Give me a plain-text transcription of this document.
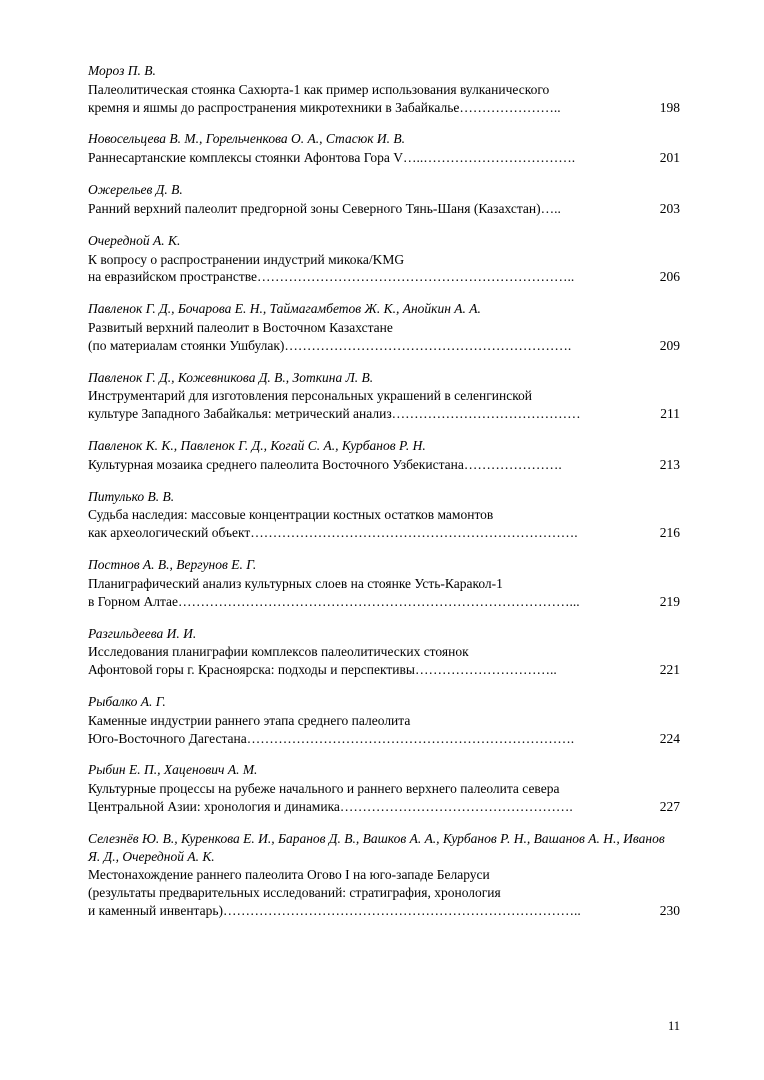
Мороз П. В.
Палеолитическая стоянка Сахюрта-1 как пример использования вулканического
кремня и яшмы до распространения микротехники в Забайкалье…………………..	198
Новосельцева В. М., Горельченкова О. А., Стасюк И. В.
Раннесартанские комплексы стоянки Афонтова Гора V…..…………………………….	201
Ожерельев Д. В.
Ранний верхний палеолит предгорной зоны Северного Тянь-Шаня (Казахстан)…..	203
Очередной А. К.
К вопросу о распространении индустрий микока/KMG
на евразийском пространстве……………………………………………………………..	206
Павленок Г. Д., Бочарова Е. Н., Таймагамбетов Ж. К., Анойкин А. А.
Развитый верхний палеолит в Восточном Казахстане
(по материалам стоянки Ушбулак)……………………………………………………….	209
Павленок Г. Д., Кожевникова Д. В., Зоткина Л. В.
Инструментарий для изготовления персональных украшений в селенгинской
культуре Западного Забайкалья: метрический анализ……………………………………	211
Павленок К. К., Павленок Г. Д., Когай С. А., Курбанов Р. Н.
Культурная мозаика среднего палеолита Восточного Узбекистана………………….	213
Питулько В. В.
Судьба наследия: массовые концентрации костных остатков мамонтов
как археологический объект……………………………………………………………….	216
Постнов А. В., Вергунов Е. Г.
Планиграфический анализ культурных слоев на стоянке Усть-Каракол-1
в Горном Алтае……………………………………………………………………………...	219
Разгильдеева И. И.
Исследования планиграфии комплексов палеолитических стоянок
Афонтовой горы г. Красноярска: подходы и перспективы…………………………..	221
Рыбалко А. Г.
Каменные индустрии раннего этапа среднего палеолита
Юго-Восточного Дагестана……………………………………………………………….	224
Рыбин Е. П., Хаценович А. М.
Культурные процессы на рубеже начального и раннего верхнего палеолита севера
Центральной Азии: хронология и динамика…………………………………………….	227
Селезнёв Ю. В., Куренкова Е. И., Баранов Д. В., Вашков А. А., Курбанов Р. Н., Вашанов А. Н., Иванов Я. Д., Очередной А. К.
Местонахождение раннего палеолита Огово I на юго-западе Беларуси
(результаты предварительных исследований: стратиграфия, хронология
и каменный инвентарь)……………………………………………………………………..	230
11
